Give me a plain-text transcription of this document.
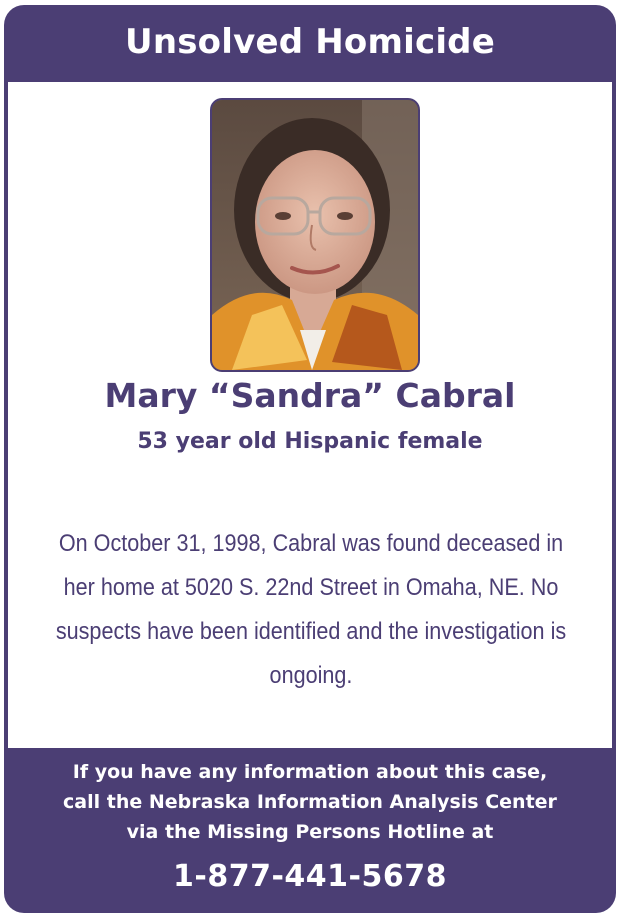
Unsolved Homicide
Mary “Sandra” Cabral
53 year old Hispanic female
On October 31, 1998, Cabral was found deceased in her home at 5020 S. 22nd Street in Omaha, NE. No suspects have been identified and the investigation is ongoing.
If you have any information about this case,
call the Nebraska Information Analysis Center
via the Missing Persons Hotline at
1-877-441-5678
